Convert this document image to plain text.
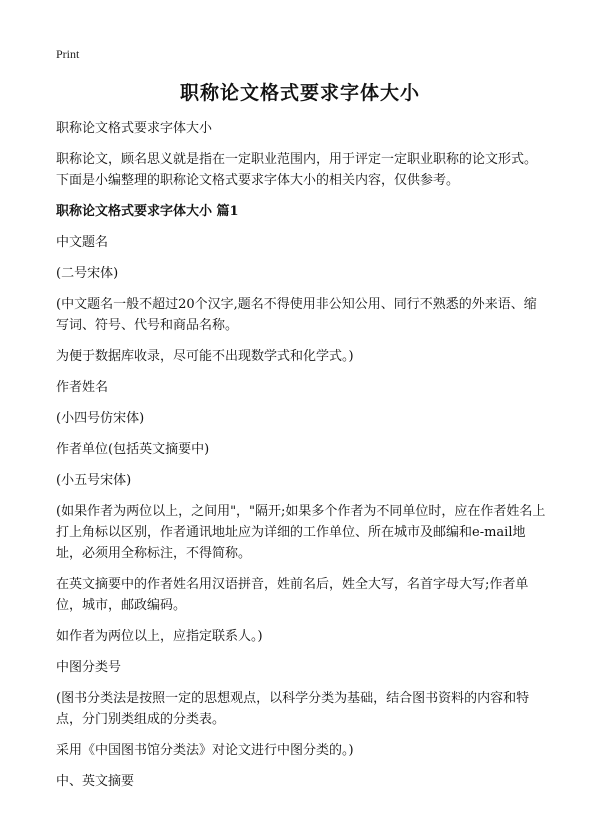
Print
职称论文格式要求字体大小

职称论文格式要求字体大小

职称论文，顾名思义就是指在一定职业范围内，用于评定一定职业职称的论文形式。下面是小编整理的职称论文格式要求字体大小的相关内容，仅供参考。

职称论文格式要求字体大小 篇1

中文题名

(二号宋体)

(中文题名一般不超过20个汉字,题名不得使用非公知公用、同行不熟悉的外来语、缩写词、符号、代号和商品名称。

为便于数据库收录，尽可能不出现数学式和化学式。)

作者姓名

(小四号仿宋体)

作者单位(包括英文摘要中)

(小五号宋体)

(如果作者为两位以上，之间用"，"隔开;如果多个作者为不同单位时，应在作者姓名上打上角标以区别，作者通讯地址应为详细的工作单位、所在城市及邮编和e-mail地址，必须用全称标注，不得简称。

在英文摘要中的作者姓名用汉语拼音，姓前名后，姓全大写，名首字母大写;作者单位，城市，邮政编码。

如作者为两位以上，应指定联系人。)

中图分类号

(图书分类法是按照一定的思想观点，以科学分类为基础，结合图书资料的内容和特点，分门别类组成的分类表。

采用《中国图书馆分类法》对论文进行中图分类的。)

中、英文摘要
